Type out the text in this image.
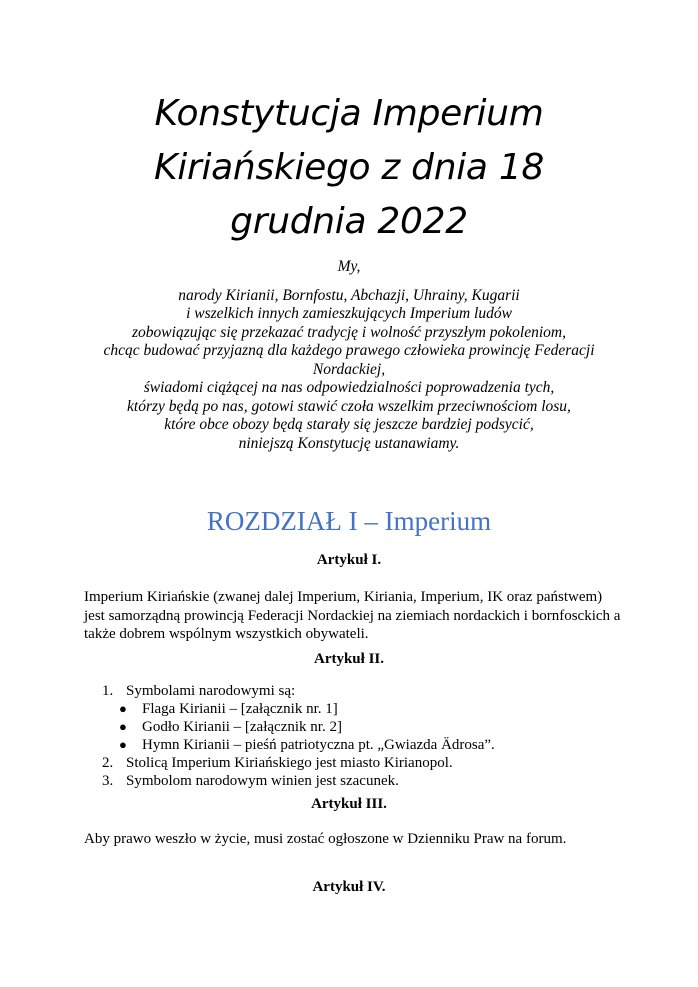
Konstytucja Imperium
Kiriańskiego z dnia 18
grudnia 2022
My,
narody Kirianii, Bornfostu, Abchazji, Uhrainy, Kugarii
i wszelkich innych zamieszkujących Imperium ludów
zobowiązując się przekazać tradycję i wolność przyszłym pokoleniom,
chcąc budować przyjazną dla każdego prawego człowieka prowincję Federacji
Nordackiej,
świadomi ciążącej na nas odpowiedzialności poprowadzenia tych,
którzy będą po nas, gotowi stawić czoła wszelkim przeciwnościom losu,
które obce obozy będą starały się jeszcze bardziej podsycić,
niniejszą Konstytucję ustanawiamy.
ROZDZIAŁ I – Imperium
Artykuł I.
Imperium Kiriańskie (zwanej dalej Imperium, Kiriania, Imperium, IK oraz państwem) jest samorządną prowincją Federacji Nordackiej na ziemiach nordackich i bornfosckich a także dobrem wspólnym wszystkich obywateli.
Artykuł II.
1. Symbolami narodowymi są:
● Flaga Kirianii – [załącznik nr. 1]
● Godło Kirianii – [załącznik nr. 2]
● Hymn Kirianii – pieśń patriotyczna pt. „Gwiazda Ädrosa”.
2. Stolicą Imperium Kiriańskiego jest miasto Kirianopol.
3. Symbolom narodowym winien jest szacunek.
Artykuł III.
Aby prawo weszło w życie, musi zostać ogłoszone w Dzienniku Praw na forum.
Artykuł IV.
